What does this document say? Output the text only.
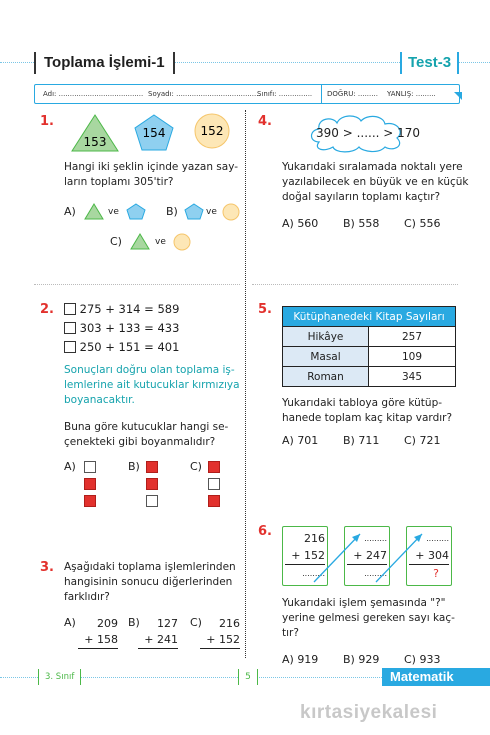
Toplama İşlemi-1	Test-3
Adı: ...................................... Soyadı: ......................................
Sınıfı: ............... DOĞRU: ......... YANLIŞ: .........
1.
153
154	152
Hangi iki şeklin içinde yazan say-
ların toplamı 305'tir?
A)	ve	B)	ve
C)	ve
2.	275 + 314 = 589
303 + 133 = 433
250 + 151 = 401
Sonuçları doğru olan toplama iş-
lemlerine ait kutucuklar kırmızıya
boyanacaktır.
Buna göre kutucuklar hangi se-
çenekteki gibi boyanmalıdır?
A)	B)	C)
3. Aşağıdaki toplama işlemlerinden
hangisinin sonucu diğerlerinden
farklıdır?
A)	209
+ 158
B)	127
+ 241
C)	216
+ 152
4.
390 > ...... > 170
Yukarıdaki sıralamada noktalı yere
yazılabilecek en büyük ve en küçük
doğal sayıların toplamı kaçtır?
A) 560 B) 558 C) 556
5. Kütüphanedeki Kitap Sayıları	
Hikâye	257
Masal	109
Roman	345
Yukarıdaki tabloya göre kütüp-
hanede toplam kaç kitap vardır?
A) 701 B) 711 C) 721
6.	216
+ 152
.........
.........
+ 247
.........
.........
+ 304
?
Yukarıdaki işlem şemasında "?"
yerine gelmesi gereken sayı kaç-
tır?
A) 919 B) 929 C) 933
3. Sınıf	5	Matematik
kırtasiyekalesi
